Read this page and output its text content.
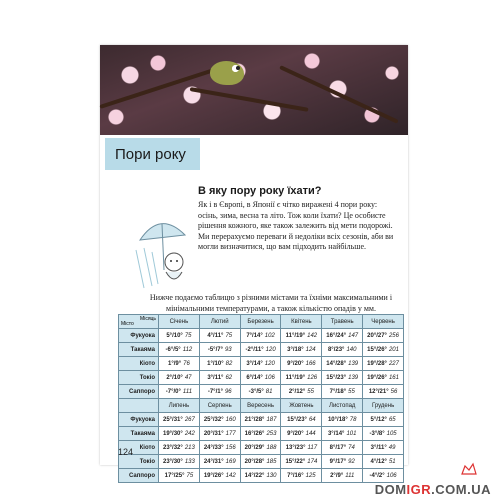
Пори року
В яку пору року їхати?
Як і в Європі, в Японії є чітко виражені 4 пори року: осінь, зима, весна та літо. Тож коли їхати? Це особисте рішення кожного, яке також залежить від мети подорожі. Ми перерахуємо переваги й недоліки всіх сезонів, аби ви могли визначитися, що вам підходить найбільше.
Нижче подаємо таблицю з різними містами та їхніми максимальними і мінімальними температурами, а також кількістю опадів у мм.
Місяць
Місто	Січень	Лютий	Березень	Квітень	Травень	Червень
Фукуока	5°/10° 75	4°/11° 75	7°/14° 102	11°/19° 142	16°/24° 147	20°/27° 256
Такаяма	-6°/5° 112	-5°/7° 93	-2°/11° 120	3°/18° 124	8°/23° 140	15°/26° 201
Кіото	1°/9° 76	1°/10° 82	3°/14° 120	9°/20° 166	14°/28° 139	19°/28° 227
Токіо	2°/10° 47	3°/11° 62	6°/14° 106	11°/19° 126	15°/23° 139	19°/26° 161
Саппоро	-7°/0° 111	-7°/1° 96	-3°/5° 81	2°/12° 55	7°/18° 55	12°/21° 56
	Липень	Серпень	Вересень	Жовтень	Листопад	Грудень
Фукуока	25°/31° 267	25°/32° 160	21°/28° 187	15°/23° 64	10°/18° 78	5°/12° 65
Такаяма	19°/30° 242	20°/31° 177	16°/26° 253	9°/20° 144	3°/14° 101	-3°/8° 105
Кіото	23°/32° 213	24°/33° 156	20°/29° 188	13°/23° 117	8°/17° 74	3°/11° 49
Токіо	23°/30° 133	24°/31° 169	20°/28° 185	15°/22° 174	9°/17° 92	4°/12° 51
Саппоро	17°/25° 75	19°/26° 142	14°/22° 130	7°/16° 125	2°/9° 111	-4°/2° 106
124
DOMIGR.COM.UA
